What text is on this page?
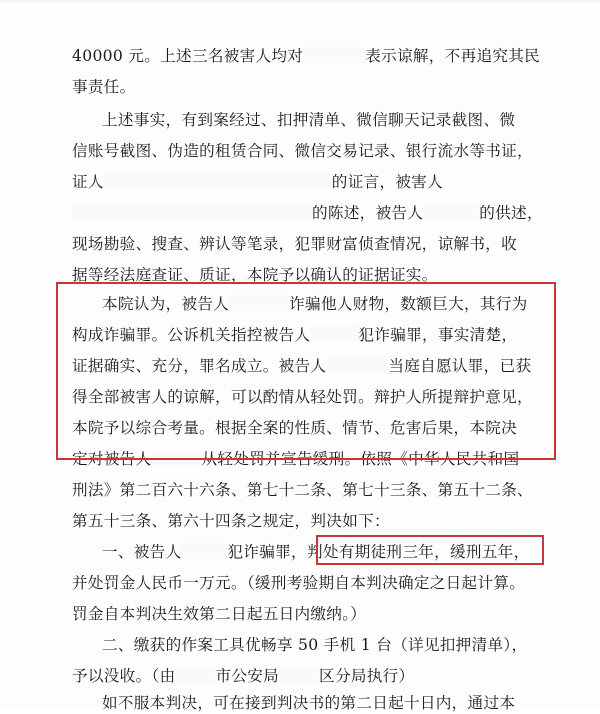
40000 元。上述三名被害人均对	表示谅解，不再追究其民
事责任。
上述事实，有到案经过、扣押清单、微信聊天记录截图、微
信账号截图、伪造的租赁合同、微信交易记录、银行流水等书证，
证人	的证言，被害人
的陈述，被告人	的供述，
现场勘验、搜查、辨认等笔录，犯罪财富侦查情况，谅解书，收
据等经法庭查证、质证，本院予以确认的证据证实。
本院认为，被告人	诈骗他人财物，数额巨大，其行为
构成诈骗罪。公诉机关指控被告人	犯诈骗罪，事实清楚，
证据确实、充分，罪名成立。被告人	当庭自愿认罪，已获
得全部被害人的谅解，可以酌情从轻处罚。辩护人所提辩护意见，
本院予以综合考量。根据全案的性质、情节、危害后果，本院决
定对被告人	从轻处罚并宣告缓刑。依照《中华人民共和国
刑法》第二百六十六条、第七十二条、第七十三条、第五十二条、
第五十三条、第六十四条之规定，判决如下：
一、被告人	犯诈骗罪，判处有期徒刑三年，缓刑五年，
并处罚金人民币一万元。（缓刑考验期自本判决确定之日起计算。
罚金自本判决生效第二日起五日内缴纳。）
二、缴获的作案工具优畅享 50 手机 1 台（详见扣押清单），
予以没收。（由	市公安局	区分局执行）
如不服本判决，可在接到判决书的第二日起十日内，通过本
